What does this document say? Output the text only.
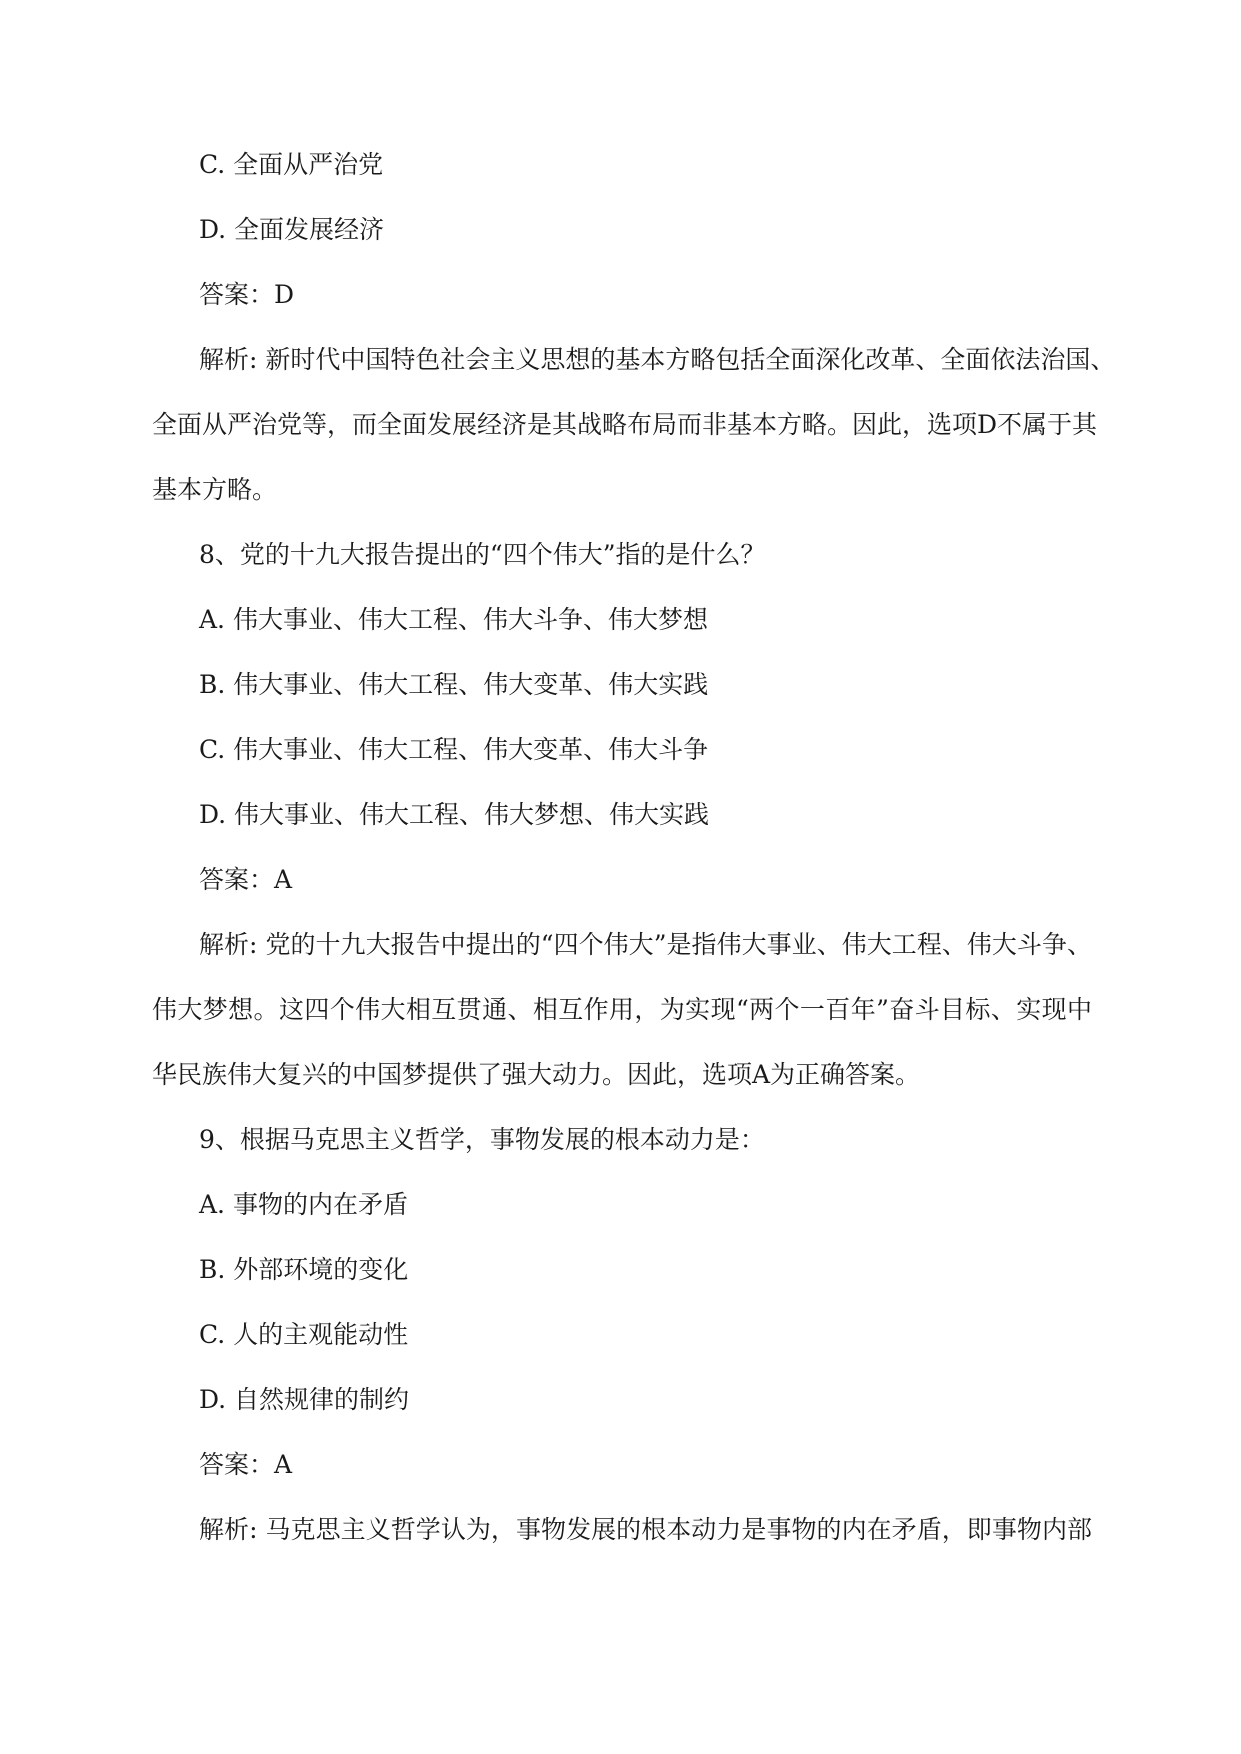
C. 全面从严治党

D. 全面发展经济

答案：D

解析: 新时代中国特色社会主义思想的基本方略包括全面深化改革、全面依法治国、

全面从严治党等，而全面发展经济是其战略布局而非基本方略。因此，选项D不属于其

基本方略。

8、党的十九大报告提出的“四个伟大”指的是什么？

A. 伟大事业、伟大工程、伟大斗争、伟大梦想

B. 伟大事业、伟大工程、伟大变革、伟大实践

C. 伟大事业、伟大工程、伟大变革、伟大斗争

D. 伟大事业、伟大工程、伟大梦想、伟大实践

答案：A

解析: 党的十九大报告中提出的“四个伟大”是指伟大事业、伟大工程、伟大斗争、

伟大梦想。这四个伟大相互贯通、相互作用，为实现“两个一百年”奋斗目标、实现中

华民族伟大复兴的中国梦提供了强大动力。因此，选项A为正确答案。

9、根据马克思主义哲学，事物发展的根本动力是：

A. 事物的内在矛盾

B. 外部环境的变化

C. 人的主观能动性

D. 自然规律的制约

答案：A

解析: 马克思主义哲学认为，事物发展的根本动力是事物的内在矛盾，即事物内部
